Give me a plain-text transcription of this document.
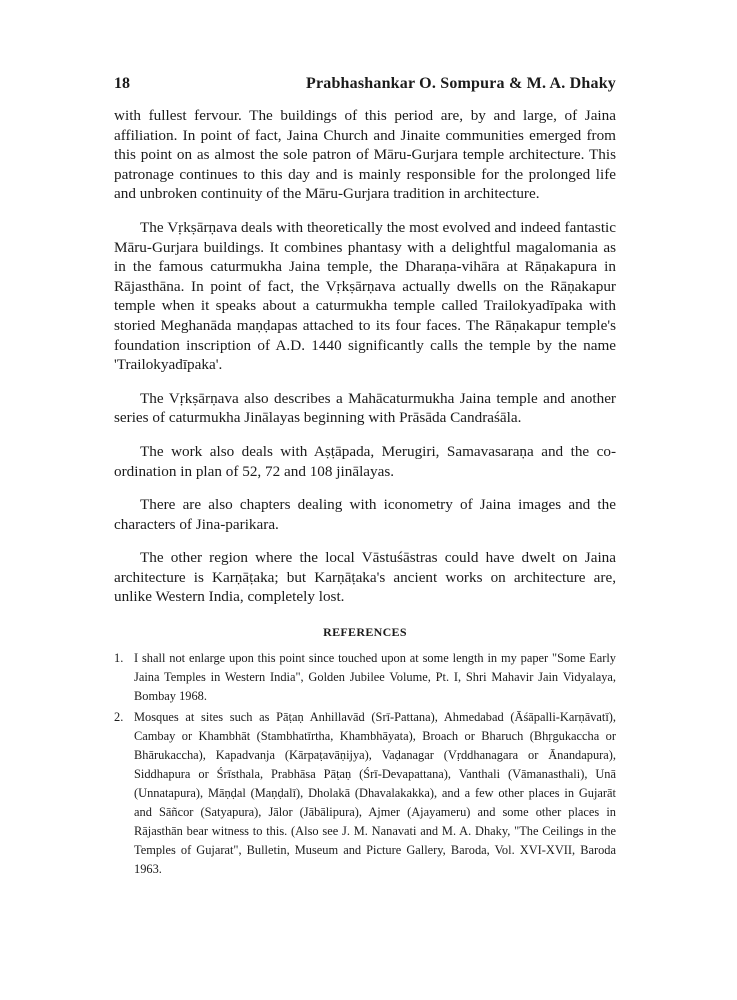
18	Prabhashankar O. Sompura & M. A. Dhaky

with fullest fervour. The buildings of this period are, by and large, of Jaina affiliation. In point of fact, Jaina Church and Jinaite communities emerged from this point on as almost the sole patron of Māru-Gurjara temple architecture. This patronage continues to this day and is mainly responsible for the prolonged life and unbroken continuity of the Māru-Gurjara tradition in architecture.

The Vṛkṣārṇava deals with theoretically the most evolved and indeed fantastic Māru-Gurjara buildings. It combines phantasy with a delightful magalomania as in the famous caturmukha Jaina temple, the Dharaṇa-vihāra at Rāṇakapura in Rājasthāna. In point of fact, the Vṛkṣārṇava actually dwells on the Rāṇakapur temple when it speaks about a caturmukha temple called Trailokyadīpaka with storied Meghanāda maṇḍapas attached to its four faces. The Rāṇakapur temple's foundation inscription of A.D. 1440 significantly calls the temple by the name 'Trailokyadīpaka'.

The Vṛkṣārṇava also describes a Mahācaturmukha Jaina temple and another series of caturmukha Jinālayas beginning with Prāsāda Candraśāla.

The work also deals with Aṣṭāpada, Merugiri, Samavasaraṇa and the co-ordination in plan of 52, 72 and 108 jinālayas.

There are also chapters dealing with iconometry of Jaina images and the characters of Jina-parikara.

The other region where the local Vāstuśāstras could have dwelt on Jaina architecture is Karṇāṭaka; but Karṇāṭaka's ancient works on architecture are, unlike Western India, completely lost.

REFERENCES

1. I shall not enlarge upon this point since touched upon at some length in my paper "Some Early Jaina Temples in Western India", Golden Jubilee Volume, Pt. I, Shri Mahavir Jain Vidyalaya, Bombay 1968.

2. Mosques at sites such as Pāṭaṇ Anhillavād (Srī-Pattana), Ahmedabad (Āśāpalli-Karṇāvatī), Cambay or Khambhāt (Stambhatīrtha, Khambhāyata), Broach or Bharuch (Bhṛgukaccha or Bhārukaccha), Kapadvanja (Kārpaṭavāṇijya), Vaḍanagar (Vṛddhanagara or Ānandapura), Siddhapura or Śrīsthala, Prabhāsa Pāṭaṇ (Śrī-Devapattana), Vanthali (Vāmanasthali), Unā (Unnatapura), Māṇḍal (Maṇḍalī), Dholakā (Dhavalakakka), and a few other places in Gujarāt and Sāñcor (Satyapura), Jālor (Jābālipura), Ajmer (Ajayameru) and some other places in Rājasthān bear witness to this. (Also see J. M. Nanavati and M. A. Dhaky, "The Ceilings in the Temples of Gujarat", Bulletin, Museum and Picture Gallery, Baroda, Vol. XVI-XVII, Baroda 1963.
